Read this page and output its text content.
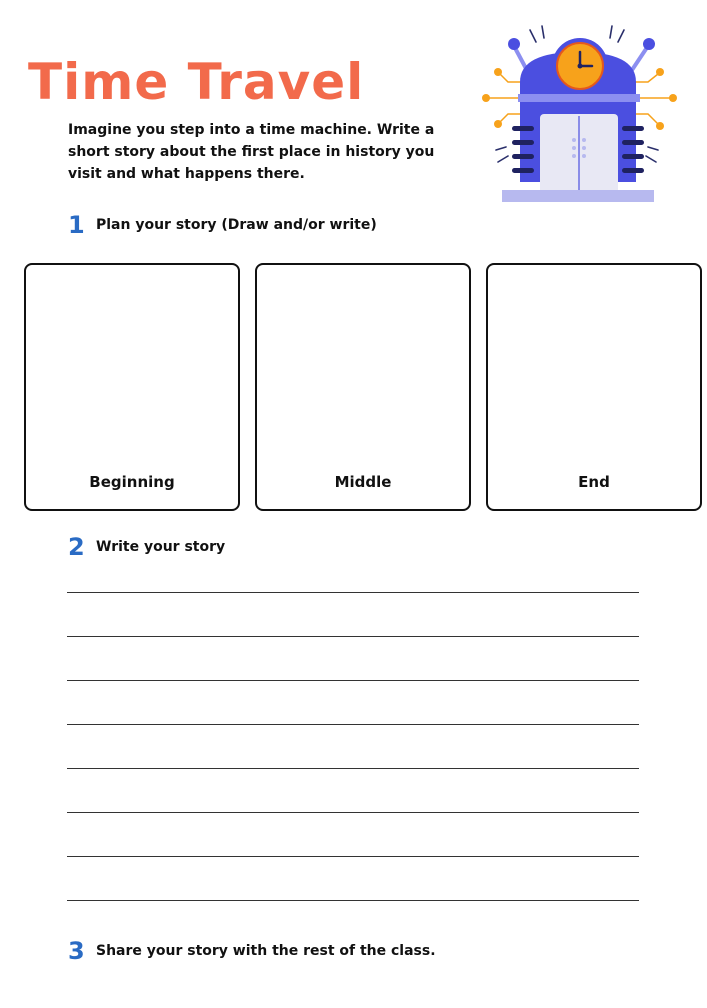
Time Travel

Imagine you step into a time machine. Write a short story about the first place in history you visit and what happens there.

1 Plan your story (Draw and/or write)
Beginning	Middle	End
2 Write your story
3 Share your story with the rest of the class.
